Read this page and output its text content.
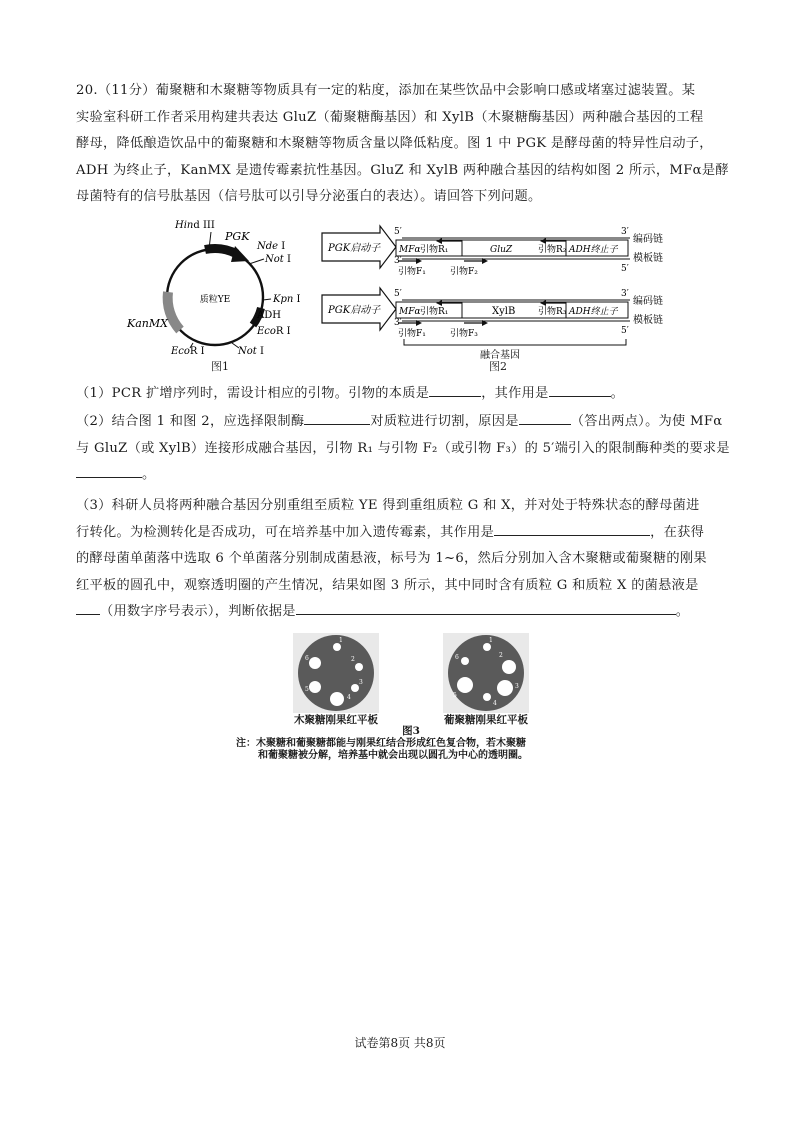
20.（11分）葡聚糖和木聚糖等物质具有一定的粘度，添加在某些饮品中会影响口感或堵塞过滤装置。某
实验室科研工作者采用构建共表达 GluZ（葡聚糖酶基因）和 XylB（木聚糖酶基因）两种融合基因的工程
酵母，降低酿造饮品中的葡聚糖和木聚糖等物质含量以降低粘度。图 1 中 PGK 是酵母菌的特异性启动子，
ADH 为终止子，KanMX 是遗传霉素抗性基因。GluZ 和 XylB 两种融合基因的结构如图 2 所示，MFα是酵
母菌特有的信号肽基因（信号肽可以引导分泌蛋白的表达）。请回答下列问题。
质粒YE
Hind III
PGK
Nde I
Not I
Kpn I
ADH
EcoR I
KanMX
EcoR I	Not I
图1
PGK启动子
5′
3′
MFα 引物R₁	GluZ	引物R₂ ADH终止子
引物F₁	引物F₂
3′
5′
编码链
模板链
PGK启动子
5′
3′
MFα 引物R₁	XylB	引物R₃ ADH终止子
引物F₁	引物F₃
3′
5′
编码链
模板链
融合基因
图2
（1）PCR 扩增序列时，需设计相应的引物。引物的本质是	，其作用是	。
（2）结合图 1 和图 2，应选择限制酶	对质粒进行切割，原因是	（答出两点）。为使 MFα
与 GluZ（或 XylB）连接形成融合基因，引物 R₁ 与引物 F₂（或引物 F₃）的 5′端引入的限制酶种类的要求是
。
（3）科研人员将两种融合基因分别重组至质粒 YE 得到重组质粒 G 和 X，并对处于特殊状态的酵母菌进
行转化。为检测转化是否成功，可在培养基中加入遗传霉素，其作用是	，在获得
的酵母菌单菌落中选取 6 个单菌落分别制成菌悬液，标号为 1~6，然后分别加入含木聚糖或葡聚糖的刚果
红平板的圆孔中，观察透明圈的产生情况，结果如图 3 所示，其中同时含有质粒 G 和质粒 X 的菌悬液是
（用数字序号表示），判断依据是	。
1
2
3
4
5
6
1
2
3
4
5
6
木聚糖刚果红平板	葡聚糖刚果红平板
图3
注：木聚糖和葡聚糖都能与刚果红结合形成红色复合物，若木聚糖
和葡聚糖被分解，培养基中就会出现以圆孔为中心的透明圈。
试卷第8页 共8页
